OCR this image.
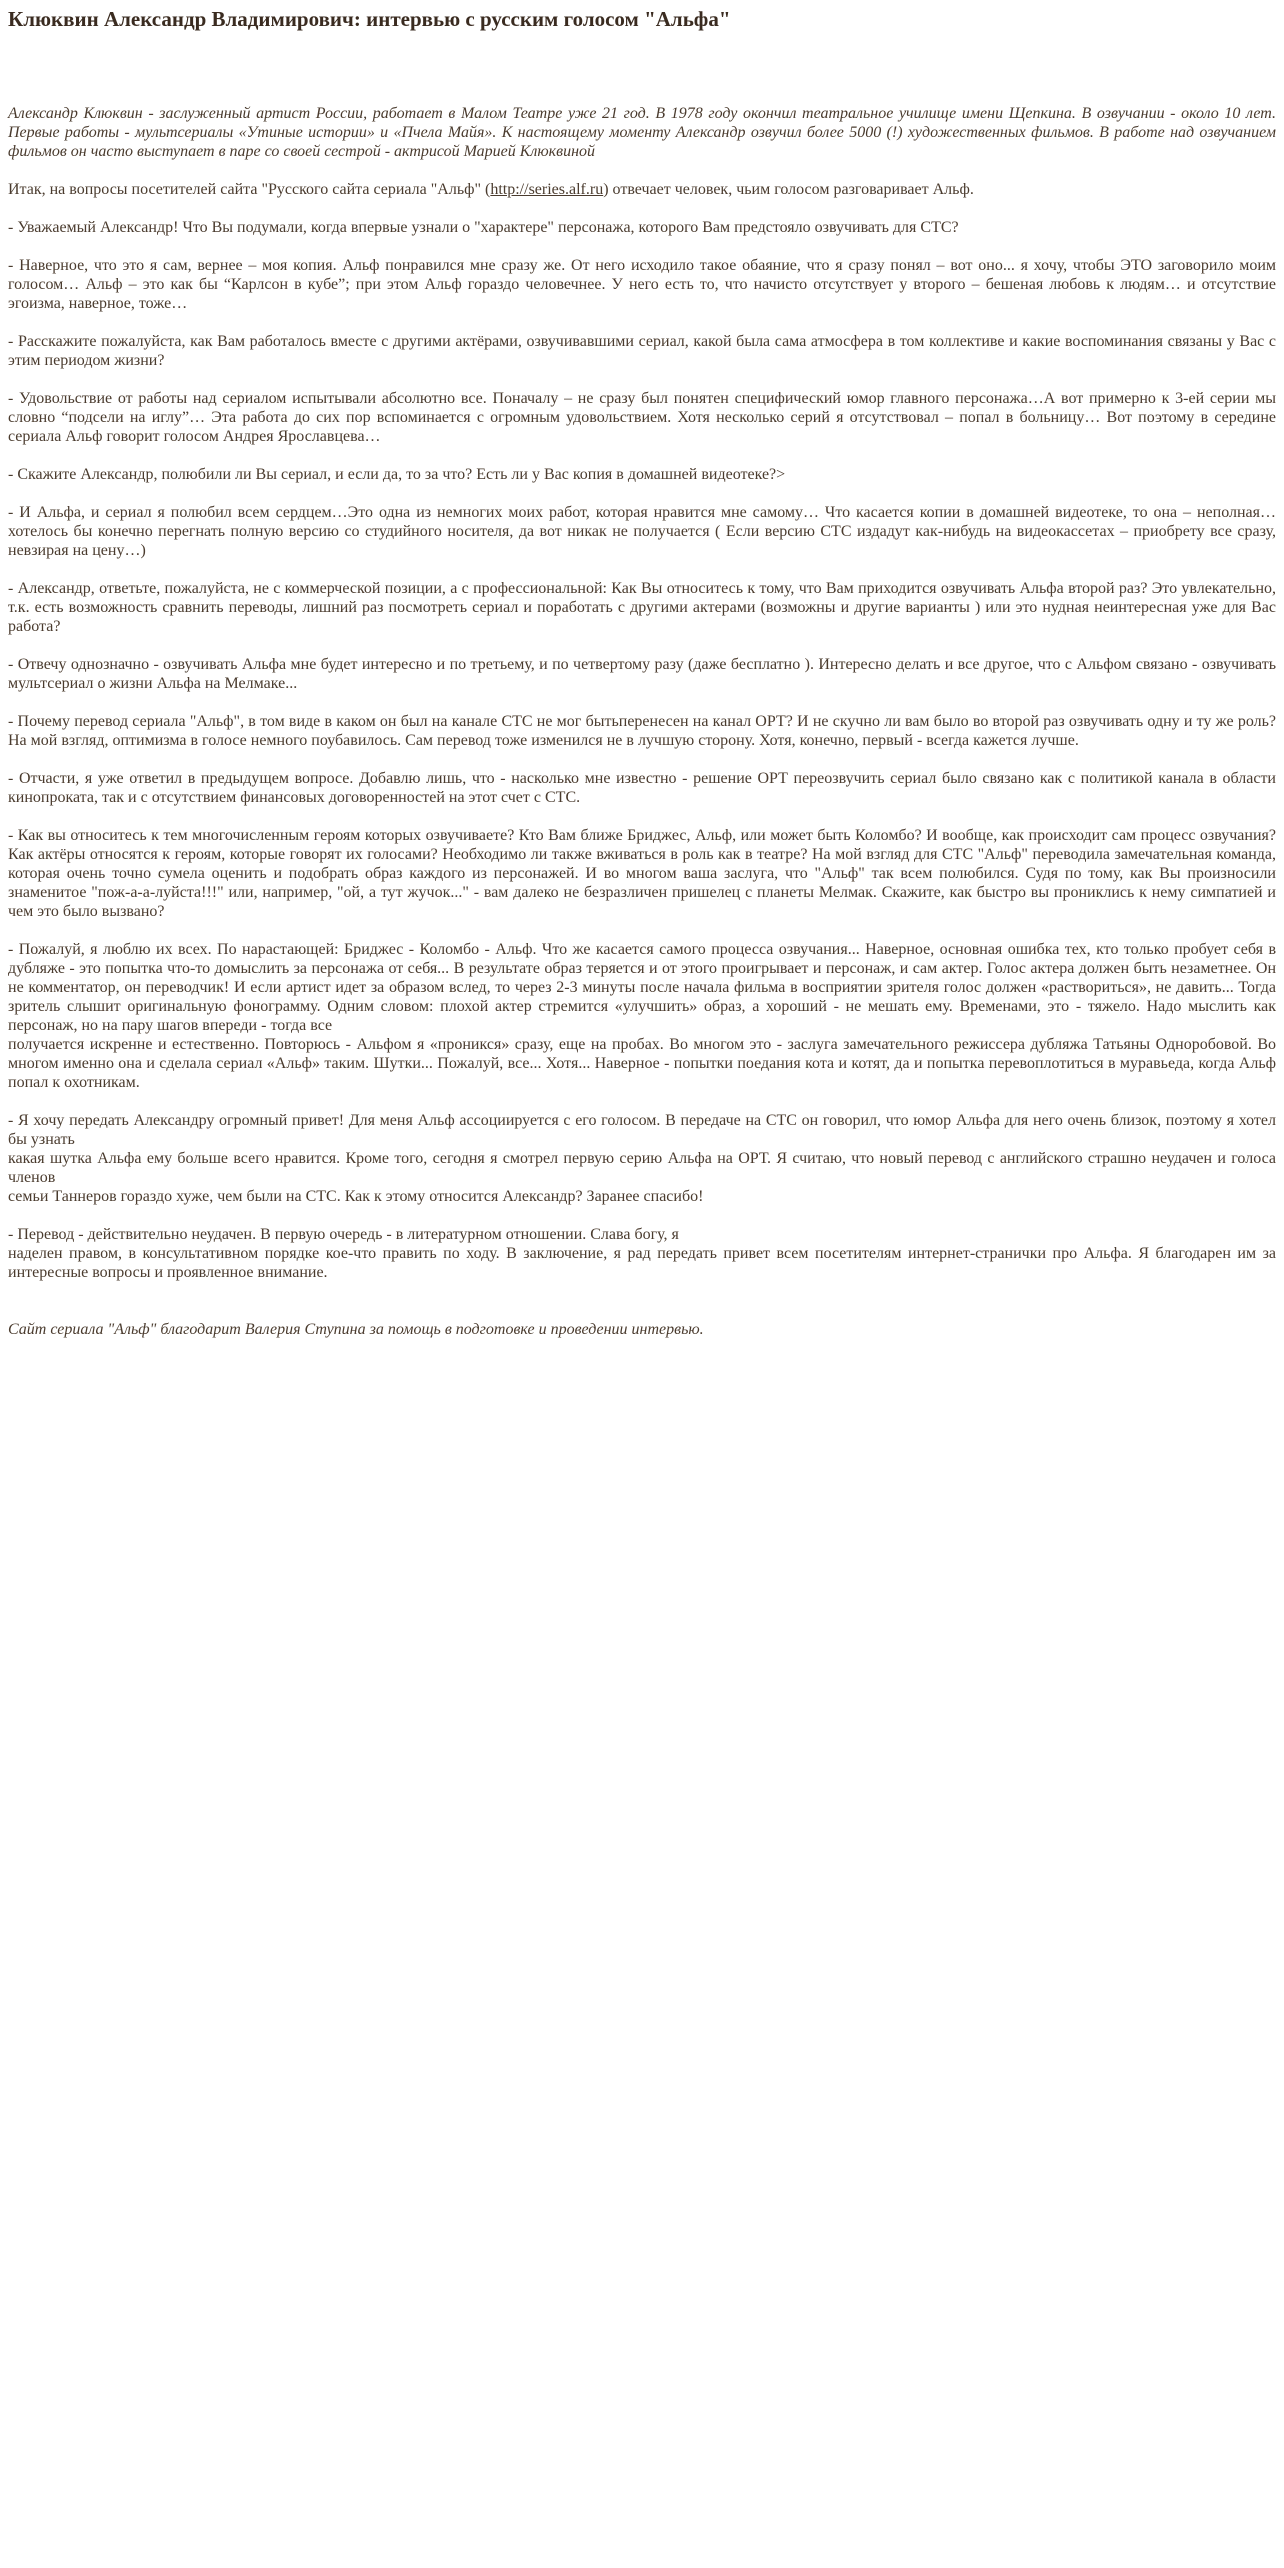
Клюквин Александр Владимирович: интервью с русским голосом "Альфа"

Александр Клюквин - заслуженный артист России, работает в Малом Театре уже 21 год. В 1978 году окончил театральное училище имени Щепкина. В озвучании - около 10 лет. Первые работы - мультсериалы «Утиные истории» и «Пчела Майя». К настоящему моменту Александр озвучил более 5000 (!) художественных фильмов. В работе над озвучанием фильмов он часто выступает в паре со своей сестрой - актрисой Марией Клюквиной

Итак, на вопросы посетителей сайта "Русского сайта сериала "Альф" (http://series.alf.ru) отвечает человек, чьим голосом разговаривает Альф.

- Уважаемый Александр! Что Вы подумали, когда впервые узнали о "характере" персонажа, которого Вам предстояло озвучивать для СТС?

- Наверное, что это я сам, вернее – моя копия. Альф понравился мне сразу же. От него исходило такое обаяние, что я сразу понял – вот оно... я хочу, чтобы ЭТО заговорило моим голосом… Альф – это как бы “Карлсон в кубе”; при этом Альф гораздо человечнее. У него есть то, что начисто отсутствует у второго – бешеная любовь к людям… и отсутствие эгоизма, наверное, тоже…

- Расскажите пожалуйста, как Вам работалось вместе с другими актёрами, озвучивавшими сериал, какой была сама атмосфера в том коллективе и какие воспоминания связаны у Вас с этим периодом жизни?

- Удовольствие от работы над сериалом испытывали абсолютно все. Поначалу – не сразу был понятен специфический юмор главного персонажа…А вот примерно к 3-ей серии мы словно “подсели на иглу”… Эта работа до сих пор вспоминается с огромным удовольствием. Хотя несколько серий я отсутствовал – попал в больницу… Вот поэтому в середине сериала Альф говорит голосом Андрея Ярославцева…

- Скажите Александр, полюбили ли Вы сериал, и если да, то за что? Есть ли у Вас копия в домашней видеотеке?>

- И Альфа, и сериал я полюбил всем сердцем…Это одна из немногих моих работ, которая нравится мне самому… Что касается копии в домашней видеотеке, то она – неполная…хотелось бы конечно перегнать полную версию со студийного носителя, да вот никак не получается ( Если версию СТС издадут как-нибудь на видеокассетах – приобрету все сразу, невзирая на цену…)

- Александр, ответьте, пожалуйста, не с коммерческой позиции, а с профессиональной: Как Вы относитесь к тому, что Вам приходится озвучивать Альфа второй раз? Это увлекательно, т.к. есть возможность сравнить переводы, лишний раз посмотреть сериал и поработать с другими актерами (возможны и другие варианты ) или это нудная неинтересная уже для Вас работа?

- Отвечу однозначно - озвучивать Альфа мне будет интересно и по третьему, и по четвертому разу (даже бесплатно ). Интересно делать и все другое, что с Альфом связано - озвучивать мультсериал о жизни Альфа на Мелмаке...

- Почему перевод сериала "Альф", в том виде в каком он был на канале СТС не мог бытьперенесен на канал ОРТ? И не скучно ли вам было во второй раз озвучивать одну и ту же роль? На мой взгляд, оптимизма в голосе немного поубавилось. Сам перевод тоже изменился не в лучшую сторону. Хотя, конечно, первый - всегда кажется лучше.

- Отчасти, я уже ответил в предыдущем вопросе. Добавлю лишь, что - насколько мне известно - решение ОРТ переозвучить сериал было связано как с политикой канала в области кинопроката, так и с отсутствием финансовых договоренностей на этот счет с СТС.

- Как вы относитесь к тем многочисленным героям которых озвучиваете? Кто Вам ближе Бриджес, Альф, или может быть Коломбо? И вообще, как происходит сам процесс озвучания? Как актёры относятся к героям, которые говорят их голосами? Необходимо ли также вживаться в роль как в театре? На мой взгляд для СТС "Альф" переводила замечательная команда, которая очень точно сумела оценить и подобрать образ каждого из персонажей. И во многом ваша заслуга, что "Альф" так всем полюбился. Судя по тому, как Вы произносили знаменитое "пож-а-а-луйста!!!" или, например, "ой, а тут жучок..." - вам далеко не безразличен пришелец с планеты Мелмак. Скажите, как быстро вы прониклись к нему симпатией и чем это было вызвано?

- Пожалуй, я люблю их всех. По нарастающей: Бриджес - Коломбо - Альф. Что же касается самого процесса озвучания... Наверное, основная ошибка тех, кто только пробует себя в дубляже - это попытка что-то домыслить за персонажа от себя... В результате образ теряется и от этого проигрывает и персонаж, и сам актер. Голос актера должен быть незаметнее. Он не комментатор, он переводчик! И если артист идет за образом вслед, то через 2-3 минуты после начала фильма в восприятии зрителя голос должен «раствориться», не давить... Тогда зритель слышит оригинальную фонограмму. Одним словом: плохой актер стремится «улучшить» образ, а хороший - не мешать ему. Временами, это - тяжело. Надо мыслить как персонаж, но на пару шагов впереди - тогда все
получается искренне и естественно. Повторюсь - Альфом я «проникся» сразу, еще на пробах. Во многом это - заслуга замечательного режиссера дубляжа Татьяны Одноробовой. Во многом именно она и сделала сериал «Альф» таким. Шутки... Пожалуй, все... Хотя... Наверное - попытки поедания кота и котят, да и попытка перевоплотиться в муравьеда, когда Альф попал к охотникам.

- Я хочу передать Александру огромный привет! Для меня Альф ассоциируется с его голосом. В передаче на СТС он говорил, что юмор Альфа для него очень близок, поэтому я хотел бы узнать
какая шутка Альфа ему больше всего нравится. Кроме того, сегодня я смотрел первую серию Альфа на ОРТ. Я считаю, что новый перевод с английского страшно неудачен и голоса членов
семьи Таннеров гораздо хуже, чем были на СТС. Как к этому относится Александр? Заранее спасибо!

- Перевод - действительно неудачен. В первую очередь - в литературном отношении. Слава богу, я
наделен правом, в консультативном порядке кое-что править по ходу. В заключение, я рад передать привет всем посетителям интернет-странички про Альфа. Я благодарен им за интересные вопросы и проявленное внимание.

Сайт сериала "Альф" благодарит Валерия Ступина за помощь в подготовке и проведении интервью.
